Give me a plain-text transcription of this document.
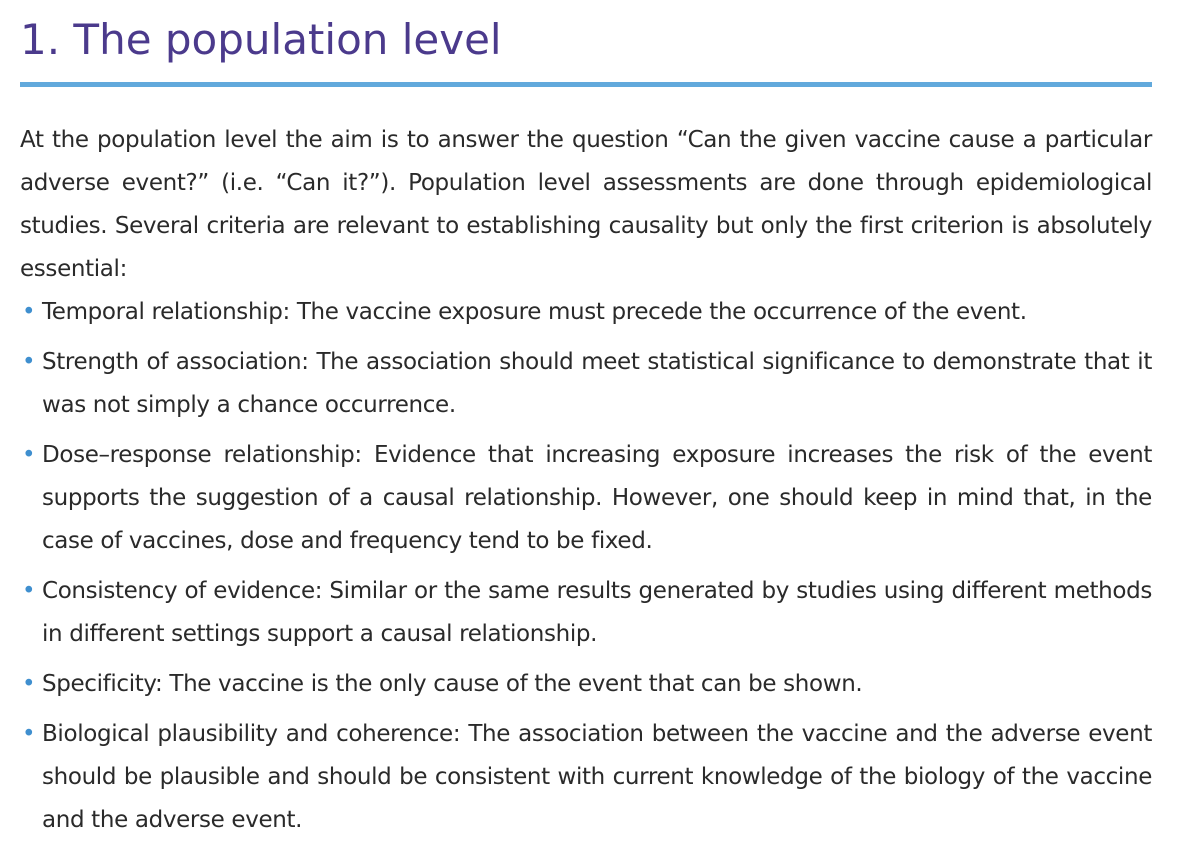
1. The population level

At the population level the aim is to answer the question “Can the given vaccine cause a particular adverse event?” (i.e. “Can it?”). Population level assessments are done through epidemiological studies. Several criteria are relevant to establishing causality but only the first criterion is absolutely essential:

• Temporal relationship: The vaccine exposure must precede the occurrence of the event.
• Strength of association: The association should meet statistical significance to demonstrate that it was not simply a chance occurrence.
• Dose–response relationship: Evidence that increasing exposure increases the risk of the event supports the suggestion of a causal relationship. However, one should keep in mind that, in the case of vaccines, dose and frequency tend to be fixed.
• Consistency of evidence: Similar or the same results generated by studies using different methods in different settings support a causal relationship.
• Specificity: The vaccine is the only cause of the event that can be shown.
• Biological plausibility and coherence: The association between the vaccine and the adverse event should be plausible and should be consistent with current knowledge of the biology of the vaccine and the adverse event.
